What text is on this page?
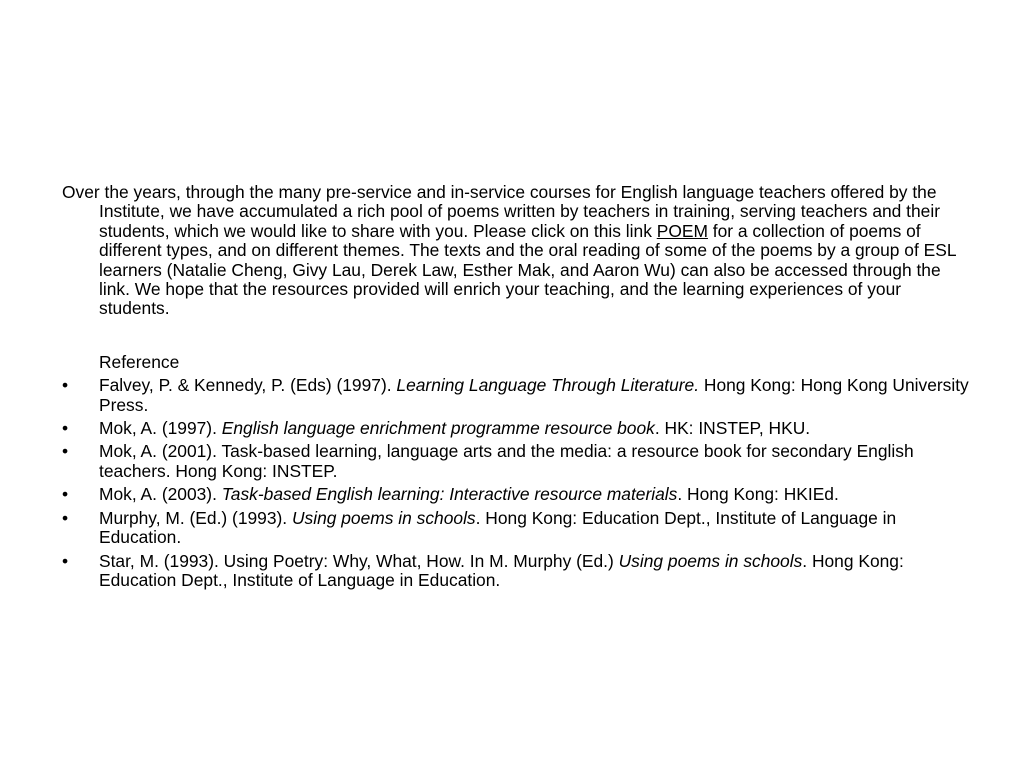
Over the years, through the many pre-service and in-service courses for English language teachers offered by the Institute, we have accumulated a rich pool of poems written by teachers in training, serving teachers and their students, which we would like to share with you. Please click on this link POEM for a collection of poems of different types, and on different themes. The texts and the oral reading of some of the poems by a group of ESL learners (Natalie Cheng, Givy Lau, Derek Law, Esther Mak, and Aaron Wu) can also be accessed through the link. We hope that the resources provided will enrich your teaching, and the learning experiences of your students.

Reference
• Falvey, P. & Kennedy, P. (Eds) (1997). Learning Language Through Literature. Hong Kong: Hong Kong University Press.
• Mok, A. (1997). English language enrichment programme resource book. HK: INSTEP, HKU.
• Mok, A. (2001). Task-based learning, language arts and the media: a resource book for secondary English teachers. Hong Kong: INSTEP.
• Mok, A. (2003). Task-based English learning: Interactive resource materials. Hong Kong: HKIEd.
• Murphy, M. (Ed.) (1993). Using poems in schools. Hong Kong: Education Dept., Institute of Language in Education.
• Star, M. (1993). Using Poetry: Why, What, How. In M. Murphy (Ed.) Using poems in schools. Hong Kong: Education Dept., Institute of Language in Education.
